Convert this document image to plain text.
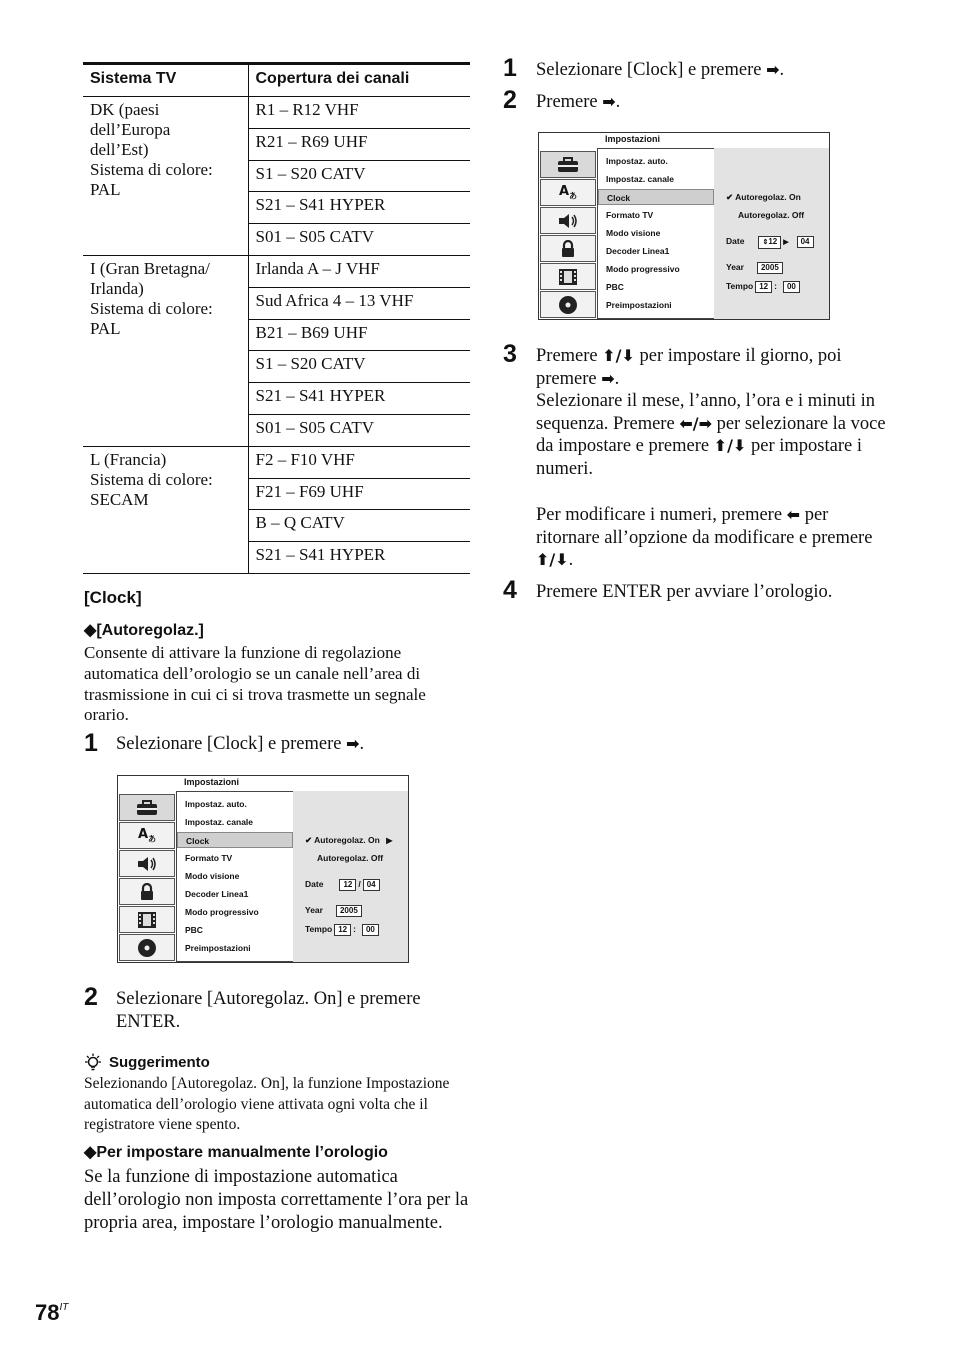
Sistema TV	Copertura dei canali
DK (paesi
dell’Europa
dell’Est)
Sistema di colore:
PAL	R1 – R12 VHF
	R21 – R69 UHF
	S1 – S20 CATV
	S21 – S41 HYPER
	S01 – S05 CATV
I (Gran Bretagna/
Irlanda)
Sistema di colore:
PAL	Irlanda A – J VHF
	Sud Africa 4 – 13 VHF
	B21 – B69 UHF
	S1 – S20 CATV
	S21 – S41 HYPER
	S01 – S05 CATV
L (Francia)
Sistema di colore:
SECAM	F2 – F10 VHF
	F21 – F69 UHF
	B – Q CATV
	S21 – S41 HYPER
[Clock]
◆[Autoregolaz.]
Consente di attivare la funzione di regolazione automatica dell’orologio se un canale nell’area di trasmissione in cui ci si trova trasmette un segnale orario.
1 Selezionare [Clock] e premere ➡.
Impostazioni
$A_あ$
Impostaz. auto.
Impostaz. canale
Clock
Formato TV
Modo visione
Decoder Linea1
Modo progressivo
PBC
Preimpostazioni
✔ Autoregolaz. On ▶
Autoregolaz. Off
Date	12 / 04
Year 2005
Tempo 12 : 00
2 Selezionare [Autoregolaz. On] e premere ENTER.
Suggerimento
Selezionando [Autoregolaz. On], la funzione Impostazione automatica dell’orologio viene attivata ogni volta che il registratore viene spento.
◆Per impostare manualmente l’orologio
Se la funzione di impostazione automatica dell’orologio non imposta correttamente l’ora per la propria area, impostare l’orologio manualmente.
1 Selezionare [Clock] e premere ➡.
2 Premere ➡.
Impostazioni
$A_あ$
Impostaz. auto.
Impostaz. canale
Clock
Formato TV
Modo visione
Decoder Linea1
Modo progressivo
PBC
Preimpostazioni
✔ Autoregolaz. On
Autoregolaz. Off
Date	⇕12 ▶ 04
Year 2005
Tempo 12 : 00
3 Premere ⬆/⬇ per impostare il giorno, poi premere ➡.
Selezionare il mese, l’anno, l’ora e i minuti in sequenza. Premere ⬅/➡ per selezionare la voce da impostare e premere ⬆/⬇ per impostare i numeri.
Per modificare i numeri, premere ⬅ per ritornare all’opzione da modificare e premere ⬆/⬇.
4 Premere ENTER per avviare l’orologio.
$78^{IT}$
